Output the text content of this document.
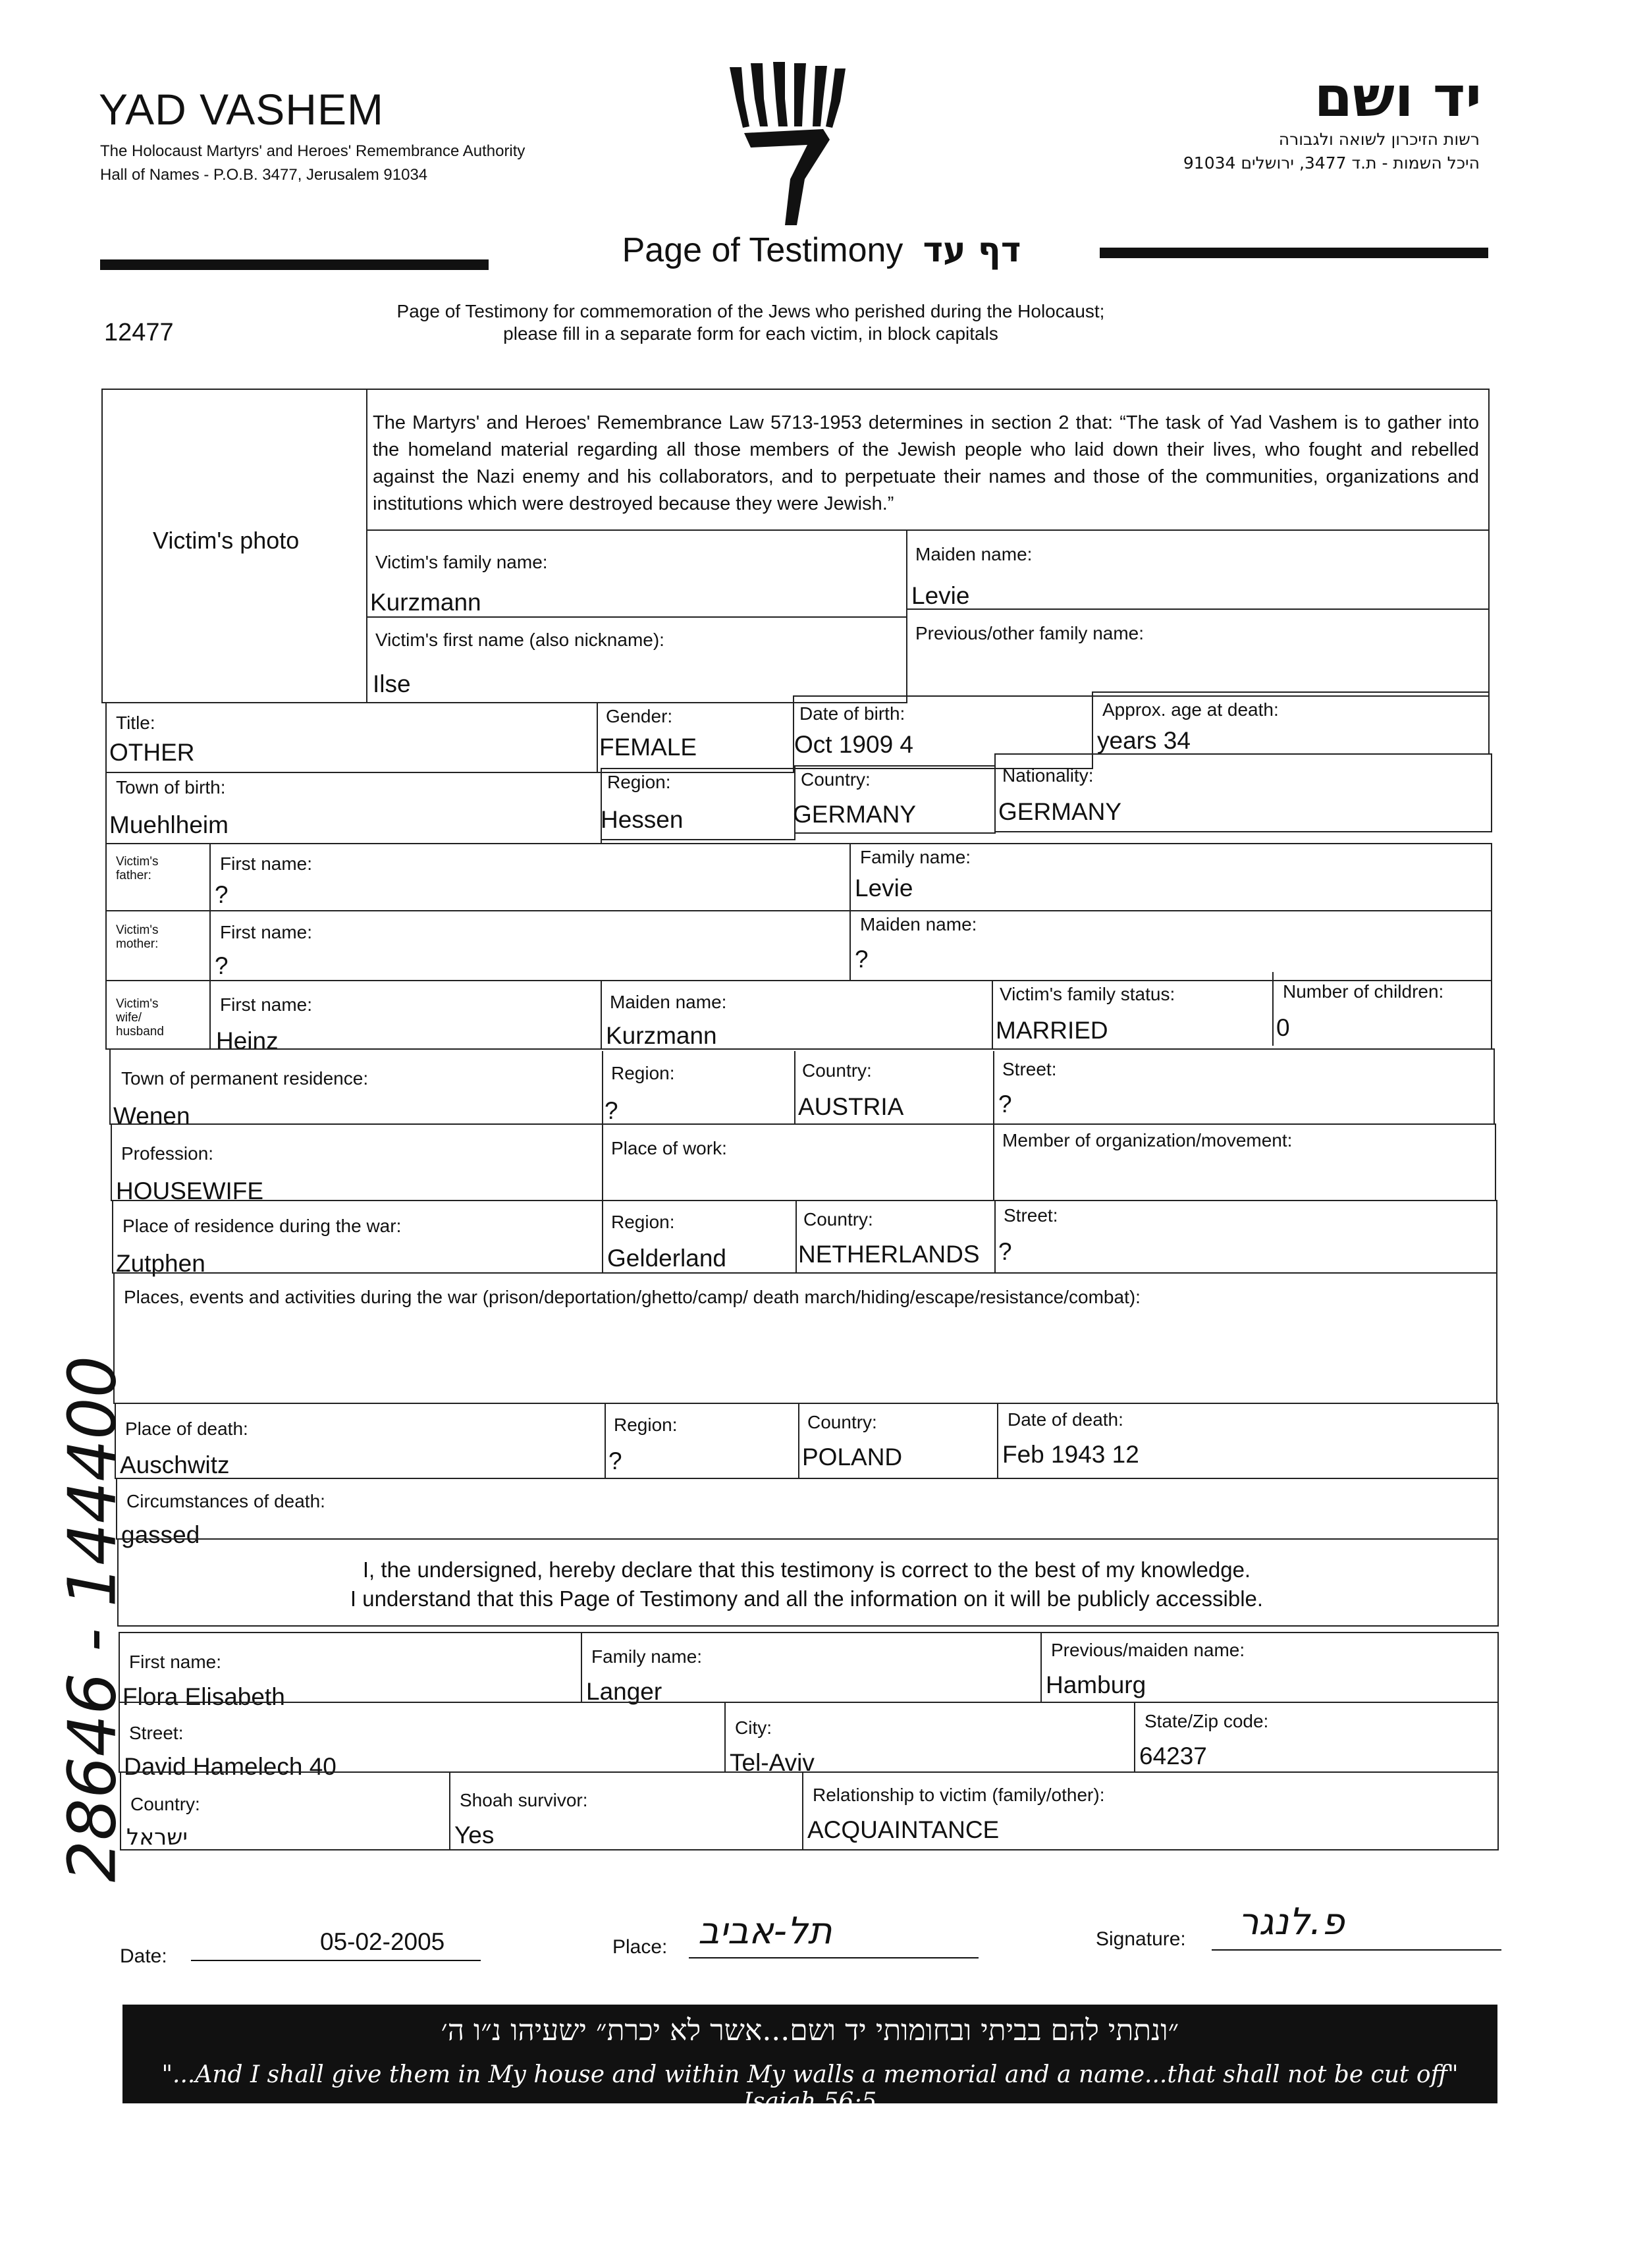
YAD VASHEM
The Holocaust Martyrs' and Heroes' Remembrance Authority
Hall of Names - P.O.B. 3477, Jerusalem 91034
יד ושם
רשות הזיכרון לשואה ולגבורה
היכל השמות - ת.ד 3477, ירושלים 91034
Page of Testimony דף עד
12477
Page of Testimony for commemoration of the Jews who perished during the Holocaust;
please fill in a separate form for each victim, in block capitals
Victim's photo
The Martyrs' and Heroes' Remembrance Law 5713-1953 determines in section 2 that: “The task of Yad Vashem is to gather into the homeland material regarding all those members of the Jewish people who laid down their lives, who fought and rebelled against the Nazi enemy and his collaborators, and to perpetuate their names and those of the communities, organizations and institutions which were destroyed because they were Jewish.”
Victim's family name:
Kurzmann
Maiden name:
Levie
Victim's first name (also nickname):
Ilse
Previous/other family name:
Title:
OTHER
Gender:
FEMALE
Date of birth:
Oct 1909 4
Approx. age at death:
years 34
Town of birth:
Muehlheim
Region:
Hessen
Country:
GERMANY
Nationality:
GERMANY
Victim's father:
First name:
?
Family name:
Levie
Victim's mother:
First name:
?
Maiden name:
?
Victim's wife/ husband
First name:
Heinz
Maiden name:
Kurzmann
Victim's family status:
MARRIED
Number of children:
0
Town of permanent residence:
Wenen
Region:
?
Country:
AUSTRIA
Street:
?
Profession:
HOUSEWIFE
Place of work:	Member of organization/movement:
Place of residence during the war:
Zutphen
Region:
Gelderland
Country:
NETHERLANDS
Street:
?
Places, events and activities during the war (prison/deportation/ghetto/camp/ death march/hiding/escape/resistance/combat):
Place of death:
Auschwitz
Region:
?
Country:
POLAND
Date of death:
Feb 1943 12
Circumstances of death:
gassed
I, the undersigned, hereby declare that this testimony is correct to the best of my knowledge.
I understand that this Page of Testimony and all the information on it will be publicly accessible.
First name:
Flora Elisabeth
Family name:
Langer
Previous/maiden name:
Hamburg
Street:
David Hamelech 40
City:
Tel-Aviv
State/Zip code:
64237
Country:
ישראל
Shoah survivor:
Yes
Relationship to victim (family/other):
ACQUAINTANCE
Date:
05-02-2005	Place: תל-אביב	Signature: פ.לנגר
״ונתתי להם בביתי ובחומותי יד ושם...אשר לא יכרת״ ישעיהו נ״ו ה׳
"...And I shall give them in My house and within My walls a memorial and a name...that shall not be cut off" Isaiah 56:5
28646 - 144400
